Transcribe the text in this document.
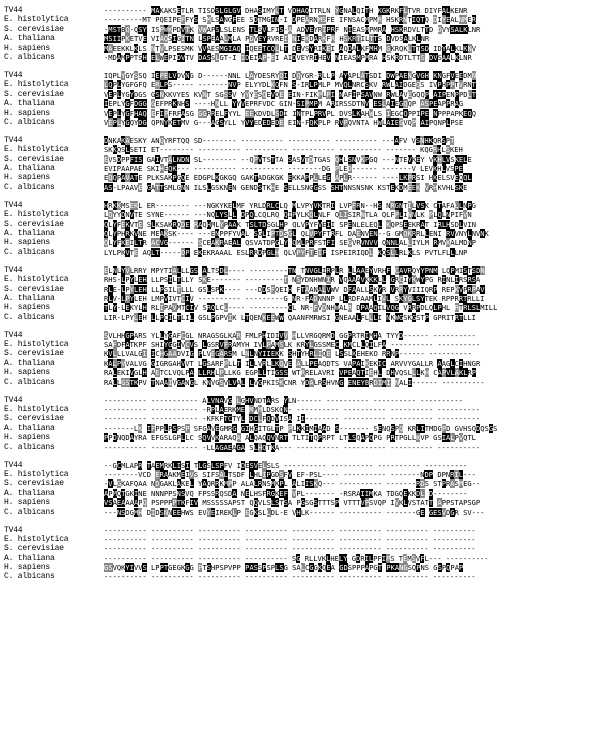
TV44	---------- MAKAKSETLR TISDSLGLGV DHASIMYLT VDHAQITRLN YGNALQITH KGKRKFLTVR DIYFALKENR
E. histolytica	---------MT PQEIPEFFYS SMLSANGFEE SDTMGIN-I DPEARNMSFE IFNSACMPMR HSKRNTIQTQ DIYEALNMER
S. cerevisiae	-MSTBQ-QSY ISPWKPDVTK VWAPSLSLENS TLSVLFIS-A ADVEYRIPRF NIEASMPMRA HSKRDVLTTD DVYSALKLNR
A. thaliana	MSIIPKETVE VIAQSIGITN LSPEAALMLA PDVEYRVREI NIEKDARKFR HSKRTILTTS DVDSALKLNR
H. sapiens	MAEEKKLKLS NTVLPSESMK VVAESMGIAQ IQEETCQLLT DEVSYRIKEI AQDALKFMHM GKRQKLTTSD IDYALKLKNV
C. albicans	-MDAMPPTSH ELWEPIDVTV DASSLGT-I IDEIAP-EI AIDVEYRIHEV NIEASMPMRA HSKRDTLTTS DVSAALKLNR
TV44	IQPLYGYSSQ IEPELVDVNG D------NNL LAYDESRYQI DQYGR-RLLP AYAPLATSDI DWPAENGVGH KNGFVEEDMN
E. histolytica	LQPLYGFGFQ ERLPS----- -------NVP ELYYDLKQFN S-IRLPMLP MVQLNRCSKV RWLAIDGEQS IVPHPPTVRNT
S. cerevisiae	VEPLYGYDGS GSNKKVYES KVNT SGSSV YYYESQEVDE EIN-FIKPLPI NAFIPSAVNW RWLAVEGQQP AIPENPPDLT
A. thaliana	IEPLYGFDGG GEFPRKNHS ----HNLL YYVEPRFVDC GIN-SIPMPM ARIRSSDTNV ESLAIEGQQP ASPEAPPRAG
H. sapiens	VEPLYGFHAQ EFIPFRFASG GGRRELFYYL EEKDVDLSDI INTPLPRVPL DVSLKAHWLS IEGCQPPIPE NPPPAPKEQQ
C. albicans	VEPLYGQYDG QPNYKETMV G---AGSYLL YVYEDEDEDE EIN-FQKPLP RVPQVNTA HWLAIEGVQP AIPQNPLPSE
TV44	DNKAKAESKY ANQYRFTQQ SD-------- ---------- ---------- ---------- ---AFV VSNHKQRSPT
E. histolytica	SKKQSLSETI ET-------- ---------- ---------- ---------- ---------- ------- KQGRHLSKEH
S. cerevisiae	EVSDPPFIS GAIVTALNDN SL-------- --QPVTSTTA SASVTDTGAS QHLSNVKPGQ ---NTEVKEY VKHLVSKELE
A. thaliana	EVIPAAPAE SKIHEQK--- ---------- ---------- --------DG PLED------ -------V LEVKHLVSPE
H. sapiens	EQQPAVATE PLKSAKPGQE EDGPLKGKGQ GAKTADGKGK EKKAPPLLEG APLR------ ----LKPRSI HKELSVEQQL
C. albicans	AS-LPAAVE GATTSMLGNN ILSLGSKNEN GENDSTKHE SELLSNGGSS SHTNNSNSNK KSTEKDMEEK VRHKVHLSKE
TV44	HRKKMSEKL ER-------- ---NGKYKELMF YRLDRLCLQ MLVPYVKTRI LVPFRN--HS NRGNTILVSK CTAFALLNPG
E. histolytica	LQYYDNVTE SYNE------ ---NQLYSLL DPQLCQLRQ QIPYLKQLNLF QLISIRNTLA QLFPLINNLK PLQLNPIFVN
S. cerevisiae	QLYFEKVTE SLKSAKRQDE RAQHMLYPAAK TSLTDSGLHP QLVPYFVEII SPENLELEQL KQPSEEKRAT IRLHSDLVIN
A. thaliana	QLYPHRKVNE MEAKSK---- ---ENPPFYVAL SGLIPTDSGL QLVPYFTRFL DAENVEN--G GMQKRRLLENI RVVNYLNVNK
H. sapiens	QLYFKEILTR ACVG------ SCEAKRAEAL QSVATDPGLY QMLPRFSTFI SEGVRVNVV QNNLALLIYLM RMVKALMDNP
C. albicans	LYLPKVTE AQLT-----DP EKEKRAAAL ESLRRDPGLH QLVPYFTEIF ISPEIRIQDL KQSLLRLKLS PVTLFLLLNP
TV44	ELNLYVLRRY MPYTIALLLGS ALTSDL---- ---------TN TNVGLIRPLR LLAAEYVRHF CAVRQYYPNM LQPMISTSDN
E. histolytica	RHS-LPYLEH LLPSILTLLY SKE------- ---------T NSYDNHWNIR VQAAAVKKKLL GRCIYKWYPG RINLIRSRSA
S. cerevisiae	RLE-LPYLEH LLPSILTLLL GSLSPK---- ---DDSFQEIH FTAANALVWV DFAALLSKYR VRRYVIIIQRP REPKVPRPAV
A. thaliana	RLV-LPYLEH LMPVIVTCIV ---------- ---------G NR-FADNNNP LLRDFAAMLIVL SKYGLSYTEK RPPRRTRLLI
H. sapiens	TLY-LEKYLH RLIPAVMTCIV SRQLCL---- ---------CL NR-FVDNHWALR DPAAQILVQG VRRPDLQLPHL RTRLSLMILL
C. albicans	LIR-LPYLEH LLPCILTLIL GSLPGPVIK LTQENKEEWW QAANFMRWSI GNEAALFLLLI NKWGSKGSTP GPRITRTLLI
TV44	SVLHHGPARS YLLYGAFCGL NRAGSGLKAR FMLPHIDIVV HLLVRGQRMD GGPRTRIMHA TYYD------ ----------
E. histolytica	SAFDFATKPF SHIYGGIVCVS LGSRVFRAMYH IVLPAMSLK KRYLGSSMEC KMCLLQILFA ---------- ----------
S. cerevisiae	KVLLLVALGI ICHGAADVIG PLVEGARSM LNLNYIIEKK SHTYHRLIQE LSSLKEHEKO RRNP------ ----------
A. thaliana	KALPVVALVG GIGRGAHVVT LGSARFPLLT ILLVRLLKQVE ALLPEAQDTS VAPAIKEKIC ARVVYGALLR AAGLCIHNGR
H. sapiens	RALEKIVGLH AETCLVQLPA LLRHLPLLKG EGPLLTIGSS WTRRELAVRI VPEAQTIEHL DHVQSLLLKH CAPVLAKLRP
C. albicans	RALLGSTKPV TNAAIVGANGL KNVGSVLVAL LVGPKISKCNR YDALRSHVNG ENEYBRDIMI NALI------ ----------
TV44	---------- ----------- ALVNAVG LGHVNDTARS YLN------ ---------- ---------- ----------
E. histolytica	---------- ----------- -RPLAERKME MMMLDSKQN- ---------- ---------- ---------- ----------
S. cerevisiae	---------- ----------- -KFKFTCTYL DCLFQDVISA II-------- ---------- ---------- ----------
A. thaliana	-------LK IFPPLPSPSP SFGAVEGMRG GIHGITGLTP PLKKIMIAAD S------- SENQSPQ KRLITMDGPD GVHSQDQSGS
H. sapiens	PPDNQDAYRA EFGSLGPLLC SQVVKARAQA ALQAQQVNRT TLTITQPRPT LTLSQAPQPG PRTPGLLKVP GSIALPVQTL
C. albicans	---------- ----------- -LLAGAEAGA SLHQTKA--- ---------- ---------- ---------- ----------
TV44	--GCMLAPR TAEMRKLISI TLGSLSPFV IDESVELSLS ---------- ---------- ---------- ----------
E. histolytica	--------VCD ERAAKMEIVS SIFSALTSDF LHLIPGDSFV EF-PSL---- ---------- -------NDP DPNRIL---
S. cerevisiae	-VLGKAFQAA NDGAKLAKEL YAQRRKMPP ALALRNSMKPL ALIISKQ--- ---------- -------RDS STPRASMEG--
A. thaliana	APMQTGKINE NNNPPSNSVQ FPSSRQSDA NELHSFRGKEF VPL------- -RSRAIIMKA TDGQEKKDL D--------
H. sapiens	VSAEAAAAPQ PSPPPPTKFIV MSSSSSAPST QQVLSLSTSA PGSGSTTTSP VTTTVPSVQP IVKLVSTATT APPSTAPSGP
C. albicans	---NSDGMH DIDSNNEEHWS EVYEIREKLP EGKSLLDL-E VHLK------ ---------- -------GE GESVDGR SV---
TV44	---------- ---------- ---------- ---------- ---------- ---------- ---------- ----------
E. histolytica	---------- ---------- ---------- ---------- ---------- ---------- ---------- ----------
S. cerevisiae	---------- ---------- ---------- ---------- ---------- ---------- ---------- ----------
A. thaliana	---------- ---------- ---------- ---------- SG RLLVKLHELY GDRILPFIPS TEMSVFL--- ----------
H. sapiens	GSVQKYIVVS LPPTGEGKGG PTSHPSPVPP PASSPSPLSG SALCGGKQEA GDSPPPAPGT PKANGSQPNS GSPQPAP
C. albicans	---------- ---------- ---------- ---------- ---------- ---------- ---------- ----------
